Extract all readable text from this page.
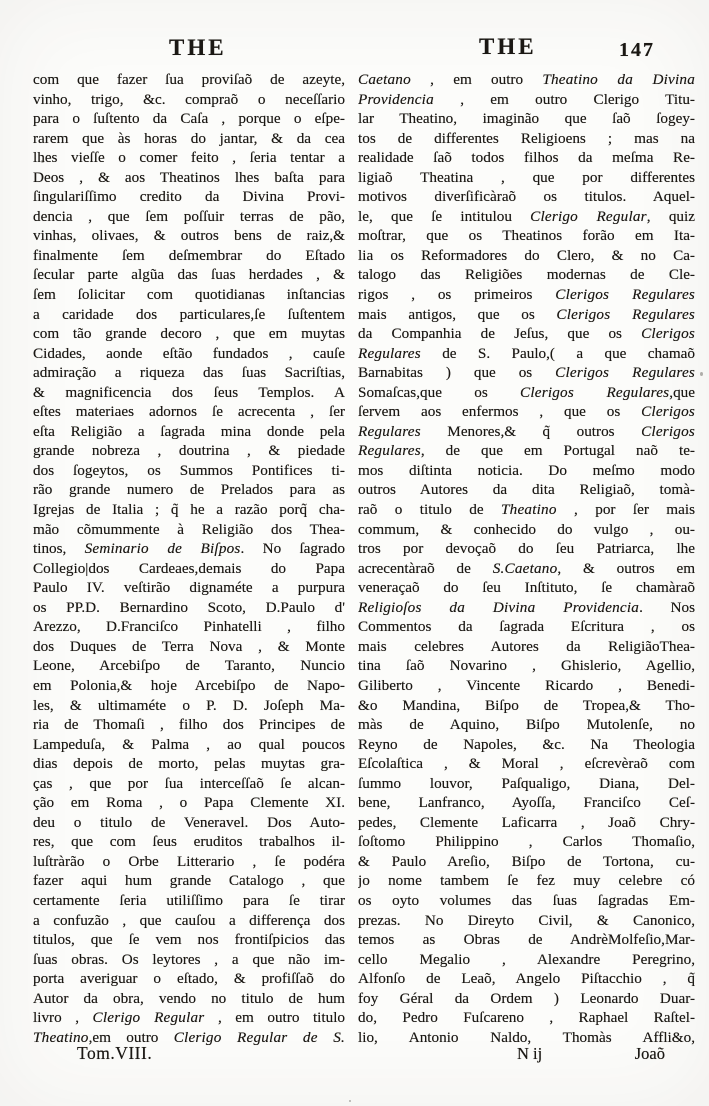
THE	THE	147
com que fazer ſua proviſaõ de azeyte,
vinho, trigo, &c. compraõ o neceſſario
para o ſuſtento da Caſa , porque o eſpe-
rarem que às horas do jantar, & da cea
lhes vieſſe o comer feito , ſeria tentar a
Deos , & aos Theatinos lhes baſta para
ſingulariſſimo credito da Divina Provi-
dencia , que ſem poſſuir terras de pão,
vinhas, olivaes, & outros bens de raiz,&
finalmente ſem deſmembrar do Eſtado
ſecular parte algũa das ſuas herdades , &
ſem ſolicitar com quotidianas inſtancias
a caridade dos particulares,ſe ſuſtentem
com tão grande decoro , que em muytas
Cidades, aonde eſtão fundados , cauſe
admiração a riqueza das ſuas Sacriſtias,
& magnificencia dos ſeus Templos. A
eſtes materiaes adornos ſe acrecenta , ſer
eſta Religião a ſagrada mina donde pela
grande nobreza , doutrina , & piedade
dos ſogeytos, os Summos Pontifices ti-
rão grande numero de Prelados para as
Igrejas de Italia ; q̃ he a razão porq̃ cha-
mão cõmummente à Religião dos Thea-
tinos, Seminario de Biſpos. No ſagrado
Collegio|dos Cardeaes,demais do Papa
Paulo IV. veſtirão dignaméte a purpura
os PP.D. Bernardino Scoto, D.Paulo d'
Arezzo, D.Franciſco Pinhatelli , filho
dos Duques de Terra Nova , & Monte
Leone, Arcebiſpo de Taranto, Nuncio
em Polonia,& hoje Arcebiſpo de Napo-
les, & ultimaméte o P. D. Joſeph Ma-
ria de Thomaſi , filho dos Principes de
Lampeduſa, & Palma , ao qual poucos
dias depois de morto, pelas muytas gra-
ças , que por ſua interceſſaõ ſe alcan-
ção em Roma , o Papa Clemente XI.
deu o titulo de Veneravel. Dos Auto-
res, que com ſeus eruditos trabalhos il-
luſtràrão o Orbe Litterario , ſe podéra
fazer aqui hum grande Catalogo , que
certamente ſeria utiliſſimo para ſe tirar
a confuzão , que cauſou a differença dos
titulos, que ſe vem nos frontiſpicios das
ſuas obras. Os leytores , a que não im-
porta averiguar o eſtado, & profiſſaõ do
Autor da obra, vendo no titulo de hum
livro , Clerigo Regular , em outro titulo
Theatino,em outro Clerigo Regular de S.
Caetano , em outro Theatino da Divina
Providencia , em outro Clerigo Titu-
lar Theatino, imaginão que ſaõ ſogey-
tos de differentes Religioens ; mas na
realidade ſaõ todos filhos da meſma Re-
ligiaõ Theatina , que por differentes
motivos diverſificàraõ os titulos. Aquel-
le, que ſe intitulou Clerigo Regular, quiz
moſtrar, que os Theatinos forão em Ita-
lia os Reformadores do Clero, & no Ca-
talogo das Religiões modernas de Cle-
rigos , os primeiros Clerigos Regulares
mais antigos, que os Clerigos Regulares
da Companhia de Jeſus, que os Clerigos
Regulares de S. Paulo,( a que chamaõ
Barnabitas ) que os Clerigos Regulares
Somaſcas,que os Clerigos Regulares,que
ſervem aos enfermos , que os Clerigos
Regulares Menores,& q̃ outros Clerigos
Regulares, de que em Portugal naõ te-
mos diſtinta noticia. Do meſmo modo
outros Autores da dita Religiaõ, tomà-
raõ o titulo de Theatino , por ſer mais
commum, & conhecido do vulgo , ou-
tros por devoçaõ do ſeu Patriarca, lhe
acrecentàraõ de S.Caetano, & outros em
veneraçaõ do ſeu Inſtituto, ſe chamàraõ
Religioſos da Divina Providencia. Nos
Commentos da ſagrada Eſcritura , os
mais celebres Autores da ReligiãoThea-
tina ſaõ Novarino , Ghislerio, Agellio,
Giliberto , Vincente Ricardo , Benedi-
&o Mandina, Biſpo de Tropea,& Tho-
màs de Aquino, Biſpo Mutolenſe, no
Reyno de Napoles, &c. Na Theologia
Eſcolaſtica , & Moral , eſcrevèraõ com
ſummo louvor, Paſqualigo, Diana, Del-
bene, Lanfranco, Ayoſſa, Franciſco Ceſ-
pedes, Clemente Laficarra , Joaõ Chry-
ſoſtomo Philippino , Carlos Thomaſio,
& Paulo Areſio, Biſpo de Tortona, cu-
jo nome tambem ſe fez muy celebre có
os oyto volumes das ſuas ſagradas Em-
prezas. No Direyto Civil, & Canonico,
temos as Obras de AndrèMolfeſio,Mar-
cello Megalio , Alexandre Peregrino,
Alfonſo de Leaõ, Angelo Piſtacchio , q̃
foy Géral da Ordem ) Leonardo Duar-
do, Pedro Fuſcareno , Raphael Raſtel-
lio, Antonio Naldo, Thomàs Affli&o,
Tom.VIII.	N ij	Joaõ
